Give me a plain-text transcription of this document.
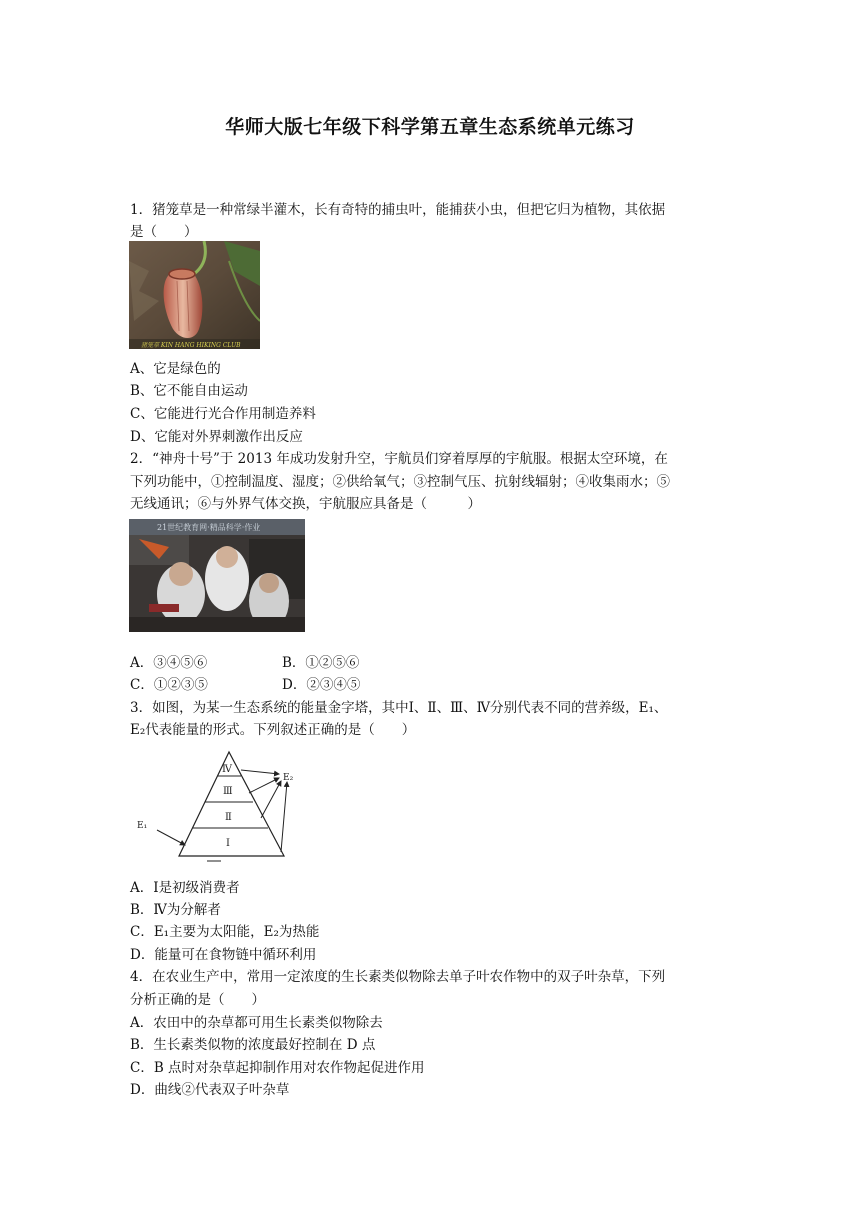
华师大版七年级下科学第五章生态系统单元练习
1．猪笼草是一种常绿半灌木，长有奇特的捕虫叶，能捕获小虫，但把它归为植物，其依据
是（　　）
猪笼草 KIN HANG HIKING CLUB
A、它是绿色的
B、它不能自由运动
C、它能进行光合作用制造养料
D、它能对外界刺激作出反应
2．“神舟十号”于 2013 年成功发射升空，宇航员们穿着厚厚的宇航服。根据太空环境，在
下列功能中，①控制温度、湿度；②供给氧气；③控制气压、抗射线辐射；④收集雨水；⑤
无线通讯；⑥与外界气体交换，宇航服应具备是（　　　）
21世纪教育网·精品科学·作业
A．③④⑤⑥	B．①②⑤⑥
C．①②③⑤	D．②③④⑤
3．如图，为某一生态系统的能量金字塔，其中Ⅰ、Ⅱ、Ⅲ、Ⅳ分别代表不同的营养级，E₁、
E₂代表能量的形式。下列叙述正确的是（　　）
Ⅳ
Ⅲ
Ⅱ
Ⅰ
E₁
E₂
A．Ⅰ是初级消费者
B．Ⅳ为分解者
C．E₁主要为太阳能，E₂为热能
D．能量可在食物链中循环利用
4．在农业生产中，常用一定浓度的生长素类似物除去单子叶农作物中的双子叶杂草，下列
分析正确的是（　　）
A．农田中的杂草都可用生长素类似物除去
B．生长素类似物的浓度最好控制在 D 点
C．B 点时对杂草起抑制作用对农作物起促进作用
D．曲线②代表双子叶杂草
